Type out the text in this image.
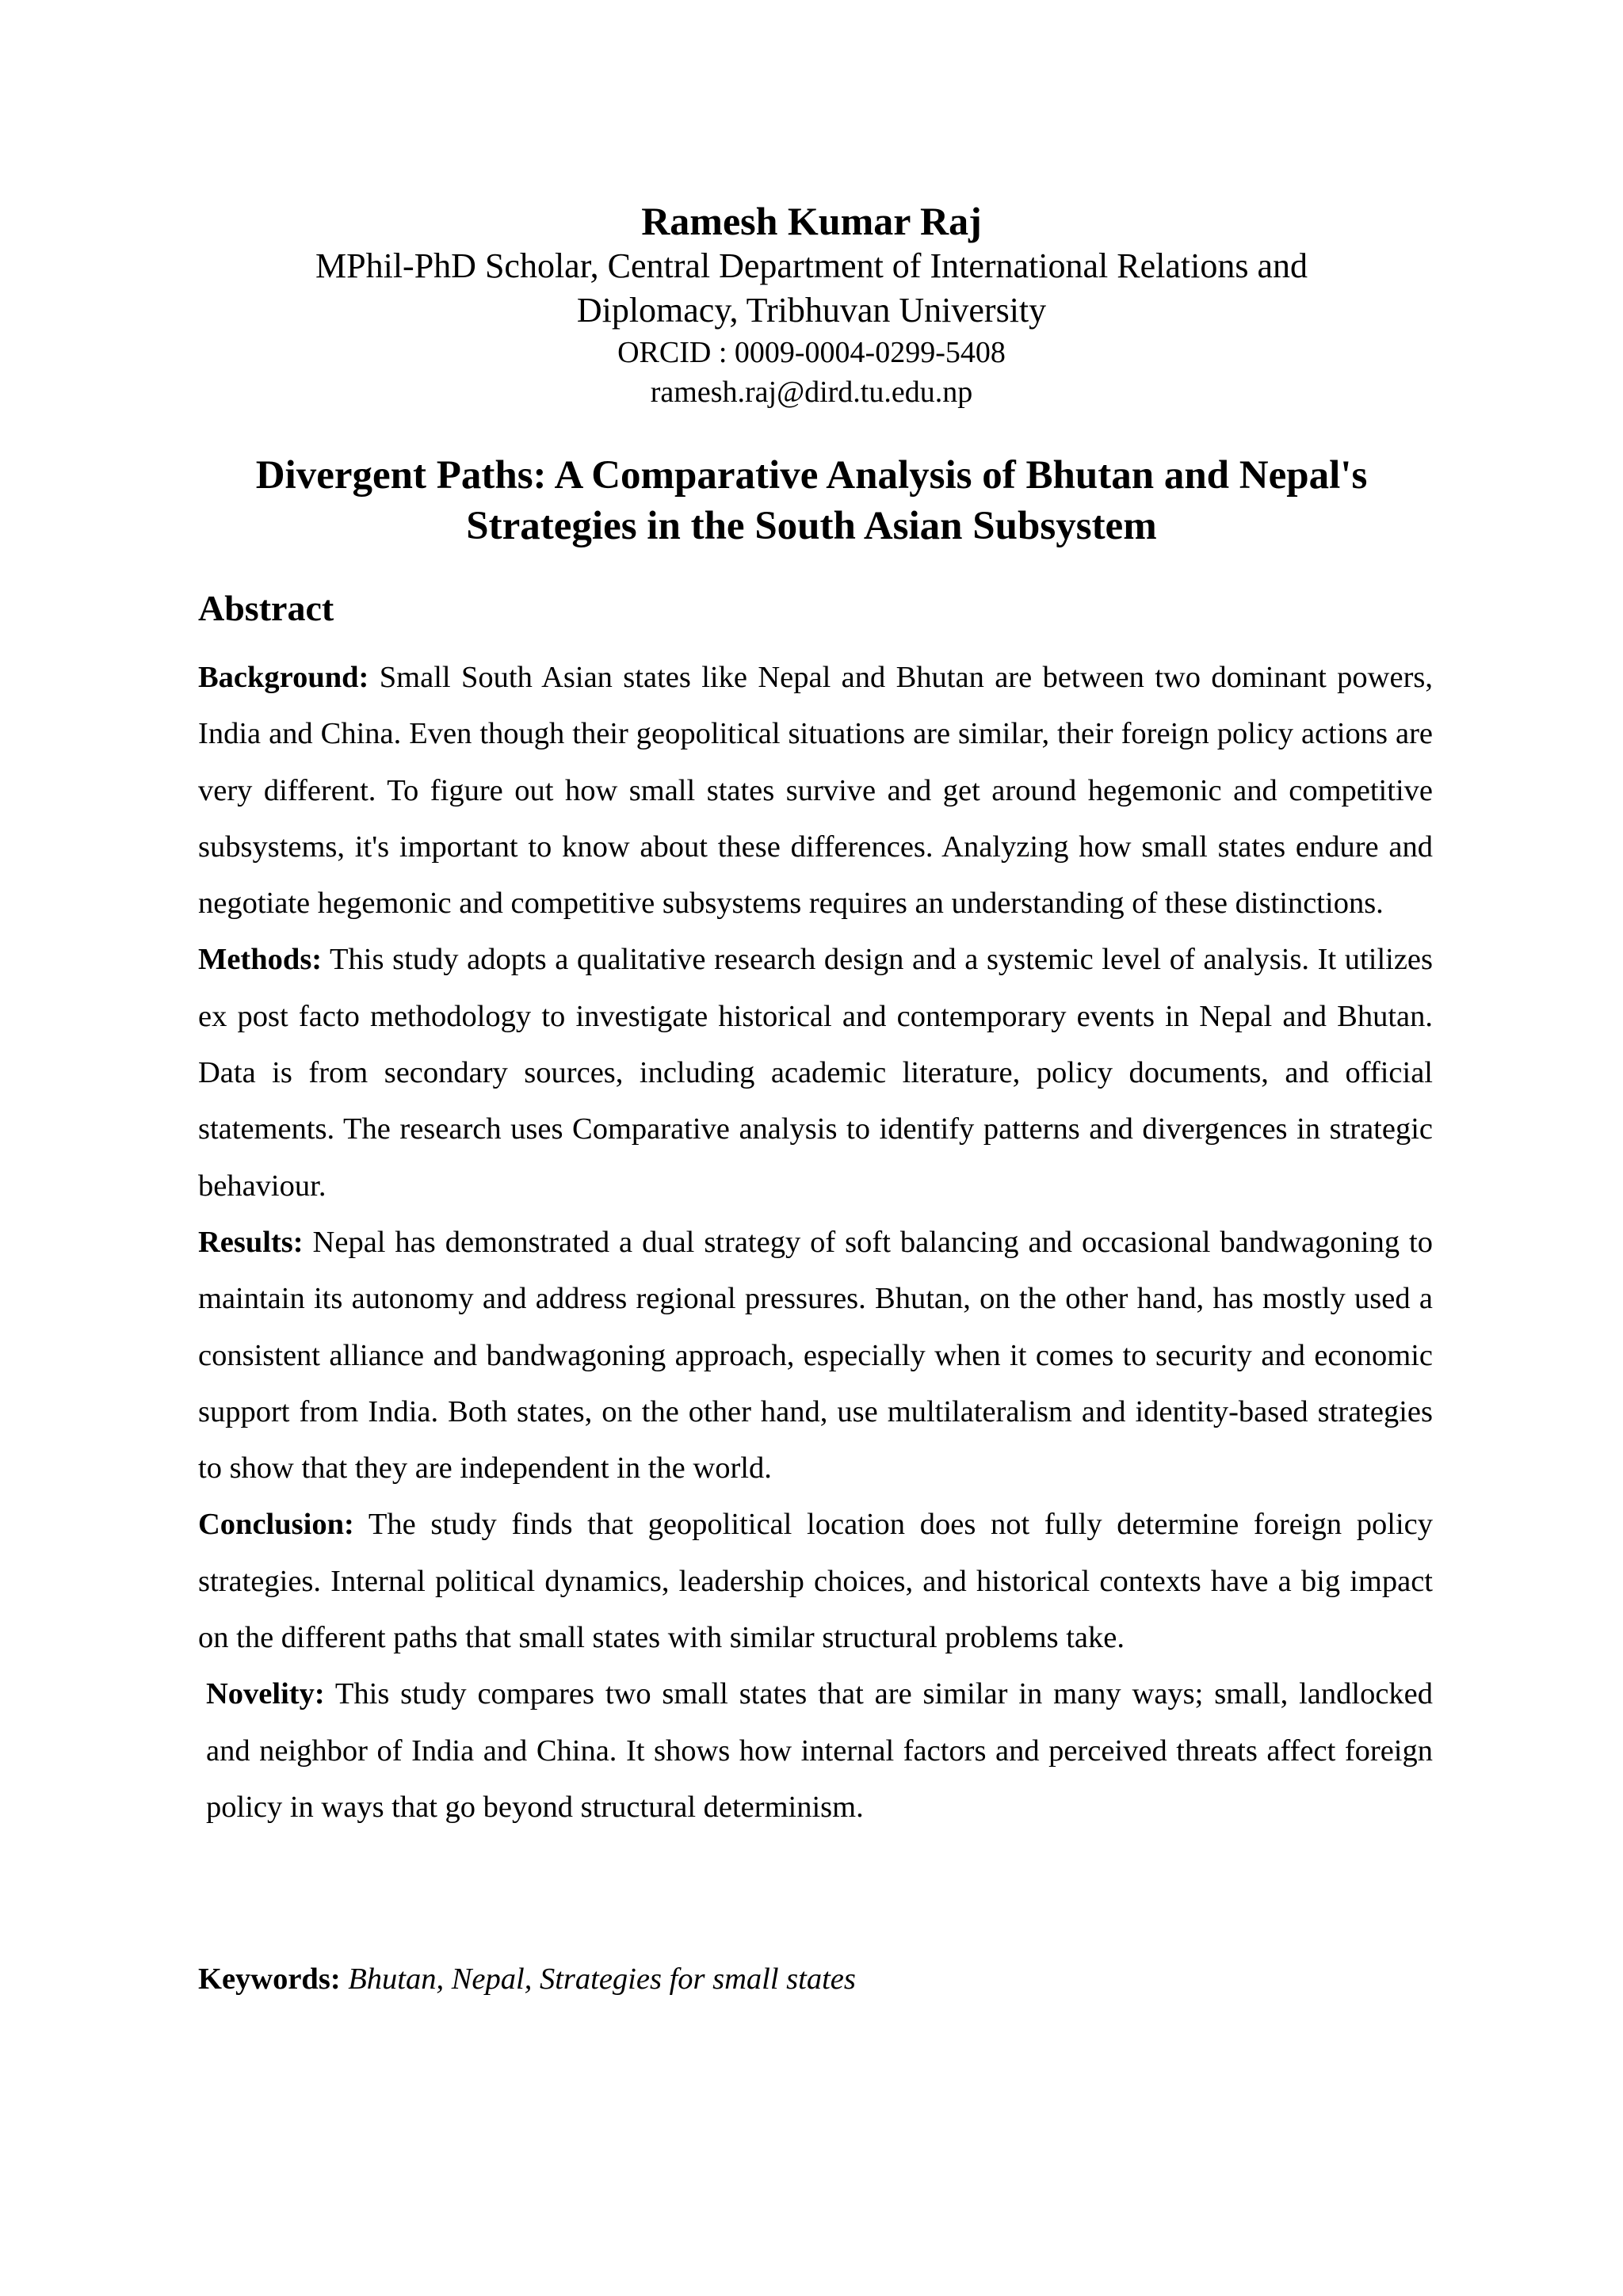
Ramesh Kumar Raj

MPhil-PhD Scholar, Central Department of International Relations and

Diplomacy, Tribhuvan University

ORCID : 0009-0004-0299-5408

ramesh.raj@dird.tu.edu.np

Divergent Paths: A Comparative Analysis of Bhutan and Nepal's
Strategies in the South Asian Subsystem
Abstract

Background: Small South Asian states like Nepal and Bhutan are between two dominant powers, India and China. Even though their geopolitical situations are similar, their foreign policy actions are very different. To figure out how small states survive and get around hegemonic and competitive subsystems, it's important to know about these differences. Analyzing how small states endure and negotiate hegemonic and competitive subsystems requires an understanding of these distinctions.

Methods: This study adopts a qualitative research design and a systemic level of analysis. It utilizes ex post facto methodology to investigate historical and contemporary events in Nepal and Bhutan. Data is from secondary sources, including academic literature, policy documents, and official statements. The research uses Comparative analysis to identify patterns and divergences in strategic behaviour.

Results: Nepal has demonstrated a dual strategy of soft balancing and occasional bandwagoning to maintain its autonomy and address regional pressures. Bhutan, on the other hand, has mostly used a consistent alliance and bandwagoning approach, especially when it comes to security and economic support from India. Both states, on the other hand, use multilateralism and identity-based strategies to show that they are independent in the world.

Conclusion: The study finds that geopolitical location does not fully determine foreign policy strategies. Internal political dynamics, leadership choices, and historical contexts have a big impact on the different paths that small states with similar structural problems take.

Novelity: This study compares two small states that are similar in many ways; small, landlocked and neighbor of India and China. It shows how internal factors and perceived threats affect foreign policy in ways that go beyond structural determinism.

Keywords: Bhutan, Nepal, Strategies for small states
